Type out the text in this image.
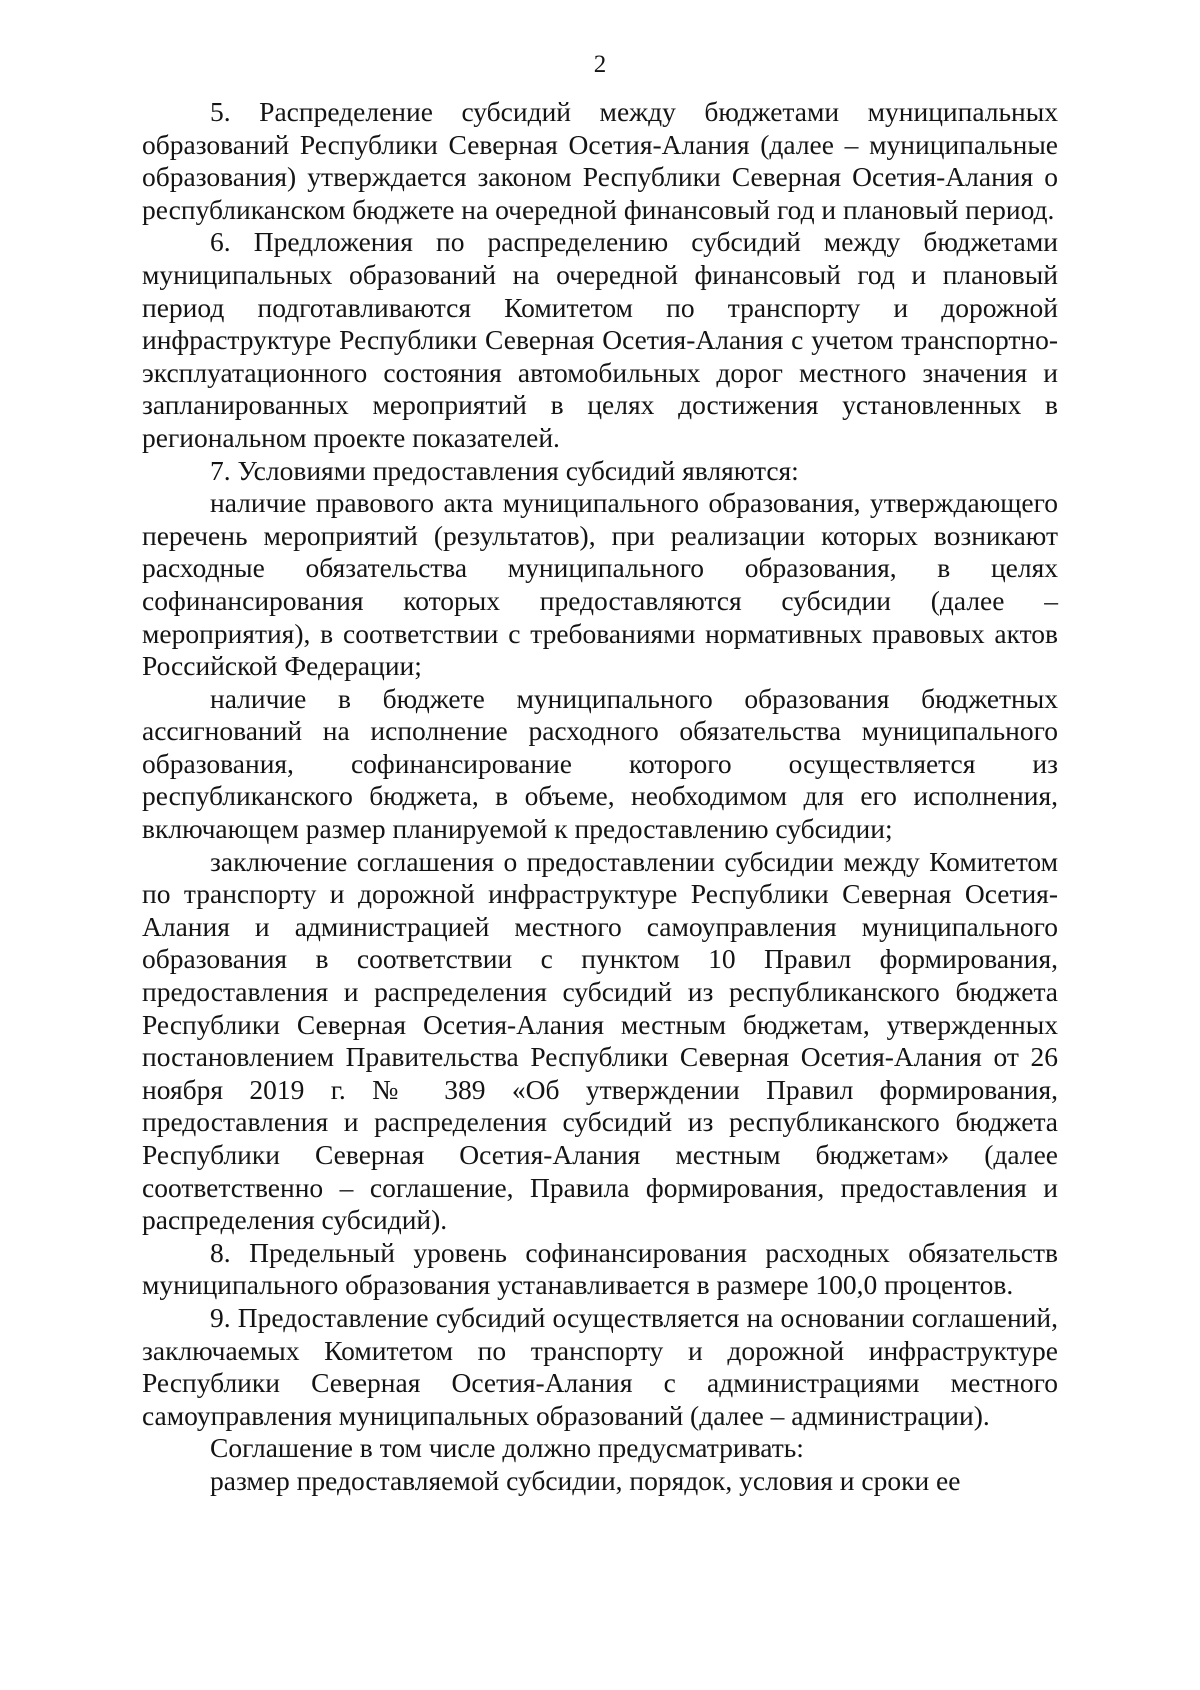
2

5. Распределение субсидий между бюджетами муниципальных образований Республики Северная Осетия-Алания (далее – муниципальные образования) утверждается законом Республики Северная Осетия-Алания о республиканском бюджете на очередной финансовый год и плановый период.

6. Предложения по распределению субсидий между бюджетами муниципальных образований на очередной финансовый год и плановый период подготавливаются Комитетом по транспорту и дорожной инфраструктуре Республики Северная Осетия-Алания с учетом транспортно-эксплуатационного состояния автомобильных дорог местного значения и запланированных мероприятий в целях достижения установленных в региональном проекте показателей.

7. Условиями предоставления субсидий являются:

наличие правового акта муниципального образования, утверждающего перечень мероприятий (результатов), при реализации которых возникают расходные обязательства муниципального образования, в целях софинансирования которых предоставляются субсидии (далее – мероприятия), в соответствии с требованиями нормативных правовых актов Российской Федерации;

наличие в бюджете муниципального образования бюджетных ассигнований на исполнение расходного обязательства муниципального образования, софинансирование которого осуществляется из республиканского бюджета, в объеме, необходимом для его исполнения, включающем размер планируемой к предоставлению субсидии;

заключение соглашения о предоставлении субсидии между Комитетом по транспорту и дорожной инфраструктуре Республики Северная Осетия-Алания и администрацией местного самоуправления муниципального образования в соответствии с пунктом 10 Правил формирования, предоставления и распределения субсидий из республиканского бюджета Республики Северная Осетия-Алания местным бюджетам, утвержденных постановлением Правительства Республики Северная Осетия-Алания от 26 ноября 2019 г. № 389 «Об утверждении Правил формирования, предоставления и распределения субсидий из республиканского бюджета Республики Северная Осетия-Алания местным бюджетам» (далее соответственно – соглашение, Правила формирования, предоставления и распределения субсидий).

8. Предельный уровень софинансирования расходных обязательств муниципального образования устанавливается в размере 100,0 процентов.

9. Предоставление субсидий осуществляется на основании соглашений, заключаемых Комитетом по транспорту и дорожной инфраструктуре Республики Северная Осетия-Алания с администрациями местного самоуправления муниципальных образований (далее – администрации).

Соглашение в том числе должно предусматривать:

размер предоставляемой субсидии, порядок, условия и сроки ее
